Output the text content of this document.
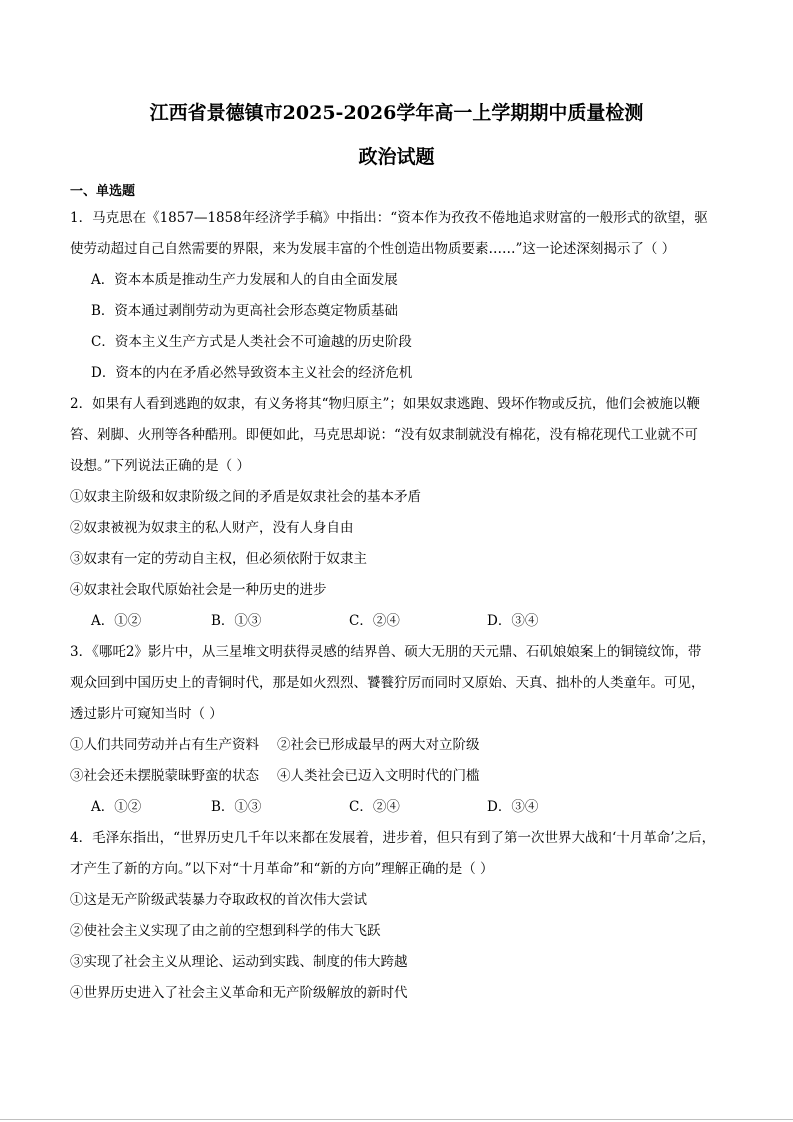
江西省景德镇市2025-2026学年高一上学期期中质量检测
政治试题
一、单选题
1．马克思在《1857—1858年经济学手稿》中指出：“资本作为孜孜不倦地追求财富的一般形式的欲望，驱
使劳动超过自己自然需要的界限，来为发展丰富的个性创造出物质要素……”这一论述深刻揭示了（ ）
A．资本本质是推动生产力发展和人的自由全面发展
B．资本通过剥削劳动为更高社会形态奠定物质基础
C．资本主义生产方式是人类社会不可逾越的历史阶段
D．资本的内在矛盾必然导致资本主义社会的经济危机
2．如果有人看到逃跑的奴隶，有义务将其“物归原主”；如果奴隶逃跑、毁坏作物或反抗，他们会被施以鞭
笞、剁脚、火刑等各种酷刑。即便如此，马克思却说：“没有奴隶制就没有棉花，没有棉花现代工业就不可
设想。”下列说法正确的是（ ）
①奴隶主阶级和奴隶阶级之间的矛盾是奴隶社会的基本矛盾
②奴隶被视为奴隶主的私人财产，没有人身自由
③奴隶有一定的劳动自主权，但必须依附于奴隶主
④奴隶社会取代原始社会是一种历史的进步
A．①②	B．①③	C．②④	D．③④
3．《哪吒2》影片中，从三星堆文明获得灵感的结界兽、硕大无朋的天元鼎、石矶娘娘案上的铜镜纹饰，带
观众回到中国历史上的青铜时代，那是如火烈烈、饕餮狞厉而同时又原始、天真、拙朴的人类童年。可见，
透过影片可窥知当时（ ）
①人们共同劳动并占有生产资料 ②社会已形成最早的两大对立阶级
③社会还未摆脱蒙昧野蛮的状态 ④人类社会已迈入文明时代的门槛
A．①②	B．①③	C．②④	D．③④
4．毛泽东指出，“世界历史几千年以来都在发展着，进步着，但只有到了第一次世界大战和‘十月革命’之后，
才产生了新的方向。”以下对“十月革命”和“新的方向”理解正确的是（ ）
①这是无产阶级武装暴力夺取政权的首次伟大尝试
②使社会主义实现了由之前的空想到科学的伟大飞跃
③实现了社会主义从理论、运动到实践、制度的伟大跨越
④世界历史进入了社会主义革命和无产阶级解放的新时代
